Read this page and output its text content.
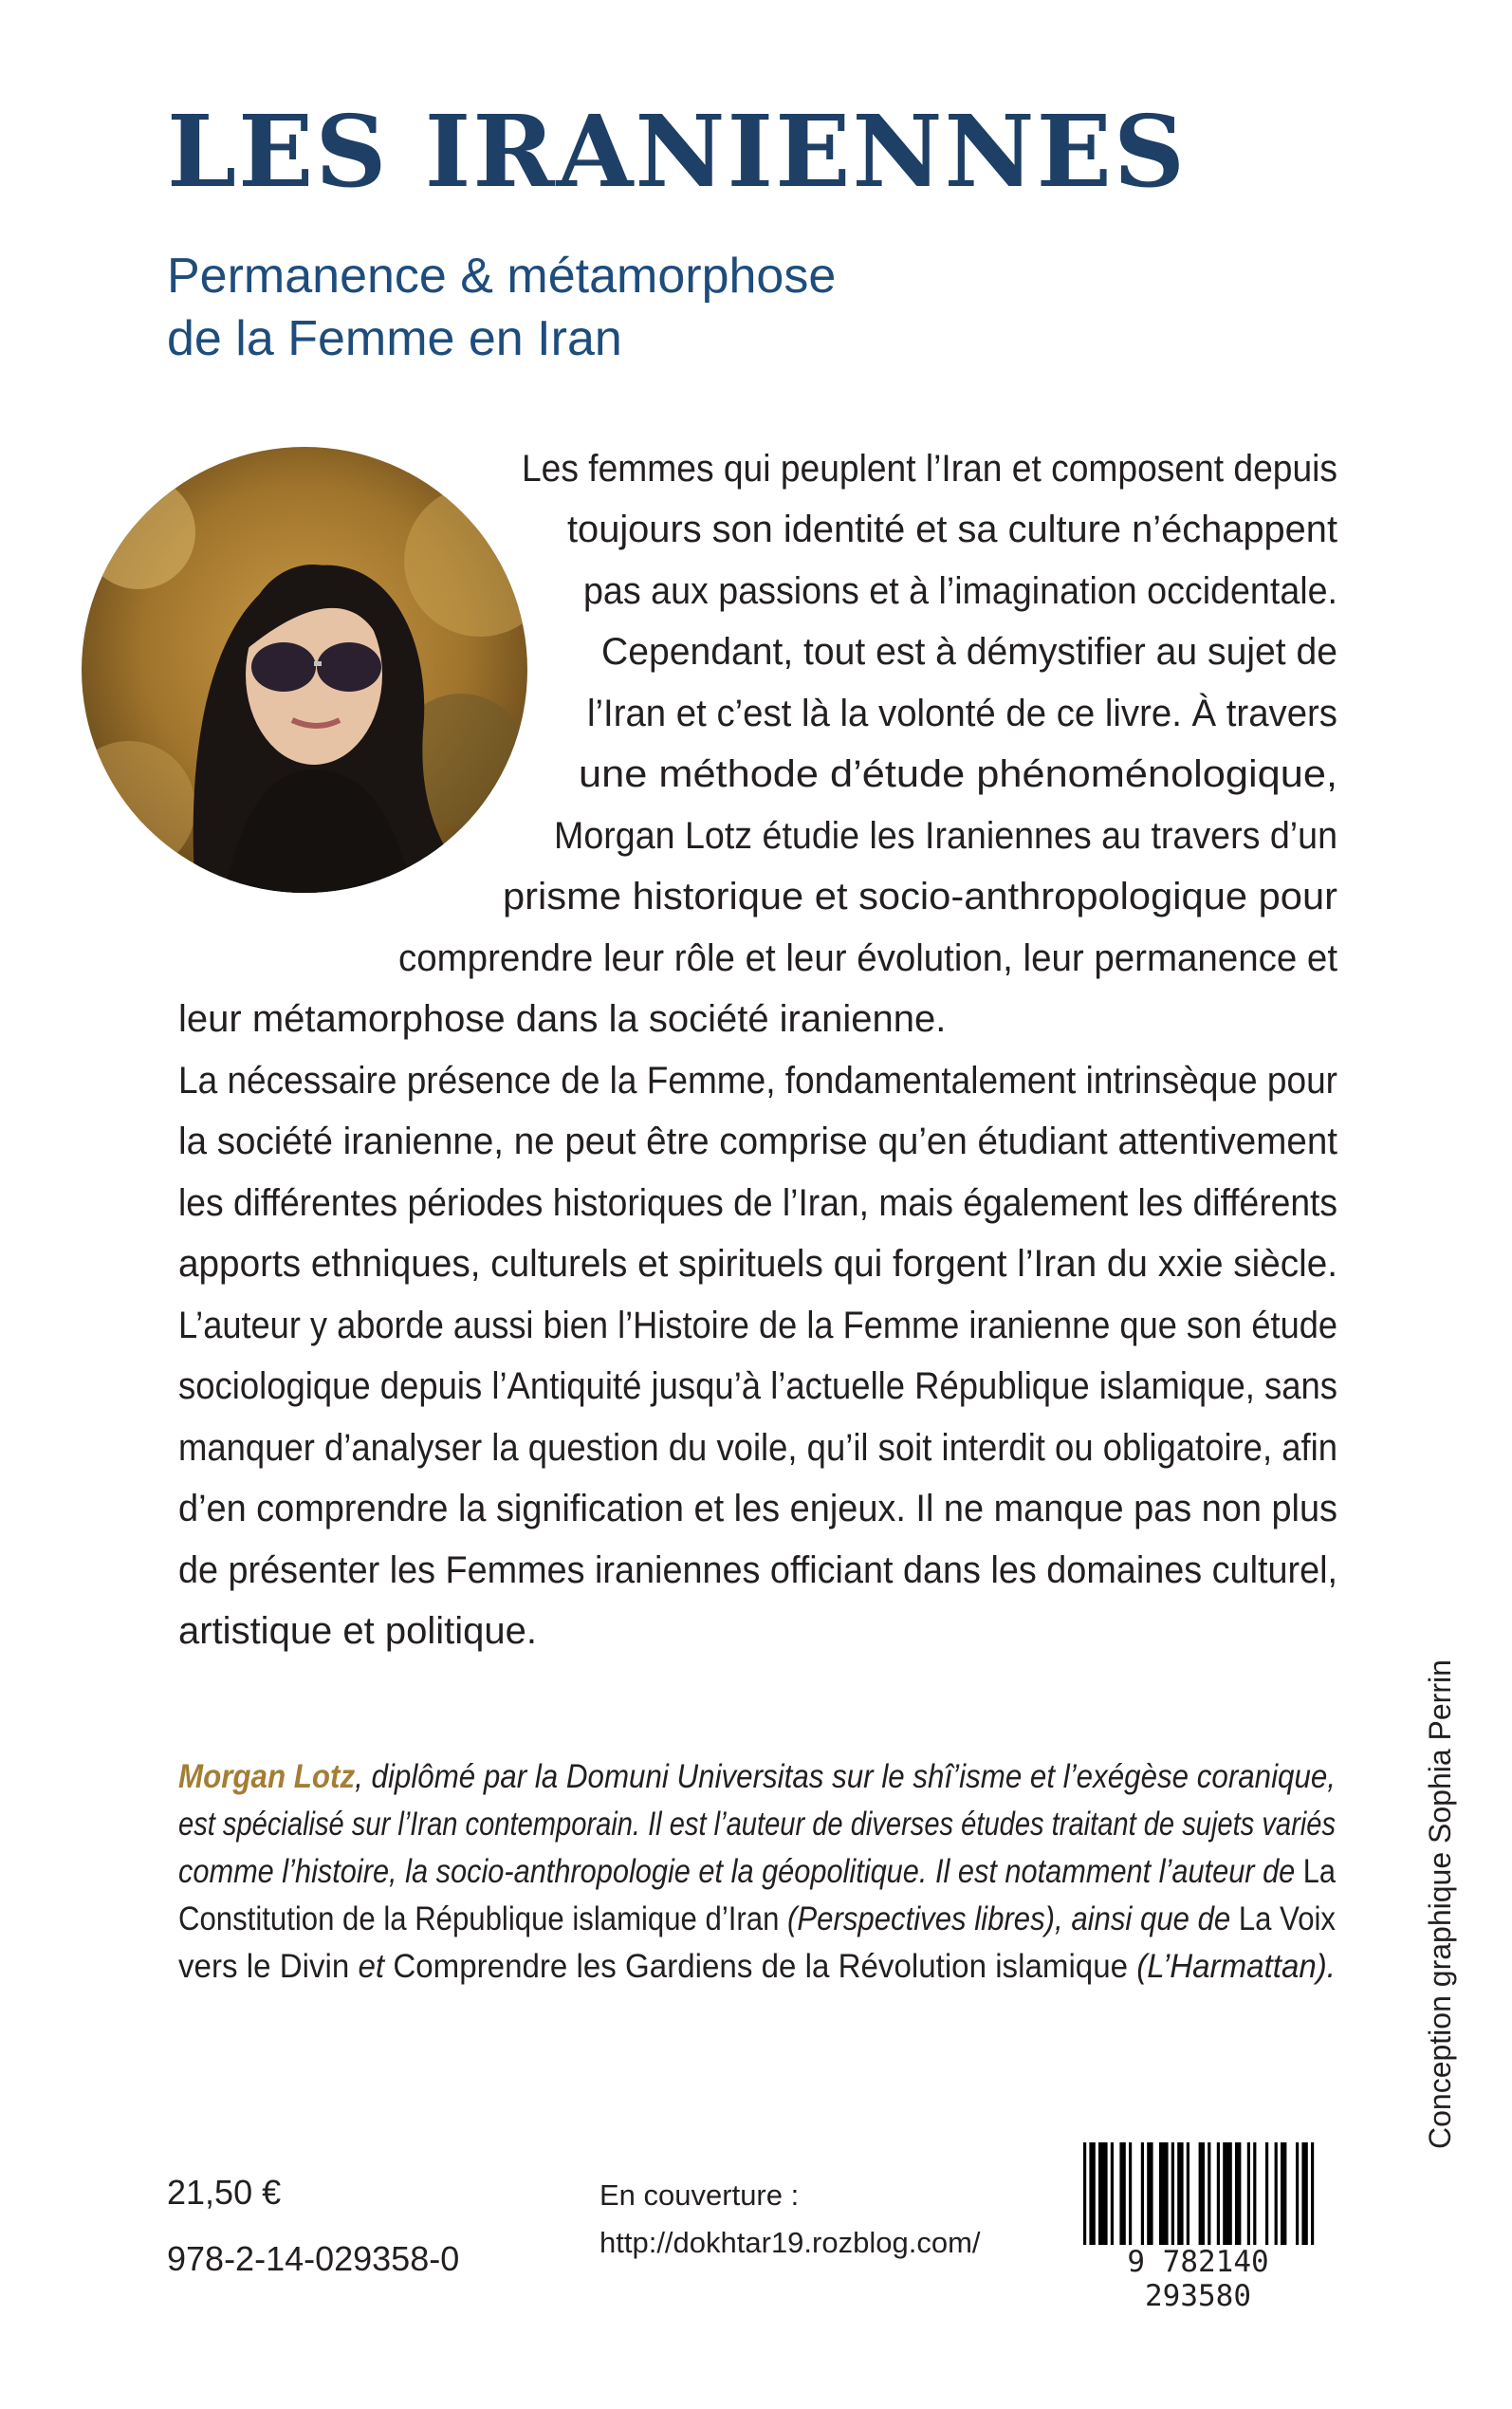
LES IRANIENNES
Permanence & métamorphose
de la Femme en Iran
Les femmes qui peuplent l’Iran et composent depuis
toujours son identité et sa culture n’échappent
pas aux passions et à l’imagination occidentale.
Cependant, tout est à démystifier au sujet de
l’Iran et c’est là la volonté de ce livre. À travers
une méthode d’étude phénoménologique,
Morgan Lotz étudie les Iraniennes au travers d’un
prisme historique et socio-anthropologique pour
comprendre leur rôle et leur évolution, leur permanence et
leur métamorphose dans la société iranienne.
La nécessaire présence de la Femme, fondamentalement intrinsèque pour
la société iranienne, ne peut être comprise qu’en étudiant attentivement
les différentes périodes historiques de l’Iran, mais également les différents
apports ethniques, culturels et spirituels qui forgent l’Iran du xxie siècle.
L’auteur y aborde aussi bien l’Histoire de la Femme iranienne que son étude
sociologique depuis l’Antiquité jusqu’à l’actuelle République islamique, sans
manquer d’analyser la question du voile, qu’il soit interdit ou obligatoire, afin
d’en comprendre la signification et les enjeux. Il ne manque pas non plus
de présenter les Femmes iraniennes officiant dans les domaines culturel,
artistique et politique.
Morgan Lotz, diplômé par la Domuni Universitas sur le shî’isme et l’exégèse coranique,
est spécialisé sur l’Iran contemporain. Il est l’auteur de diverses études traitant de sujets variés
comme l’histoire, la socio-anthropologie et la géopolitique. Il est notamment l’auteur de La
Constitution de la République islamique d’Iran (Perspectives libres), ainsi que de La Voix
vers le Divin et Comprendre les Gardiens de la Révolution islamique (L’Harmattan).	Conception graphique Sophia Perrin
21,50 €
978-2-14-029358-0
En couverture :
http://dokhtar19.rozblog.com/
9 782140 293580
